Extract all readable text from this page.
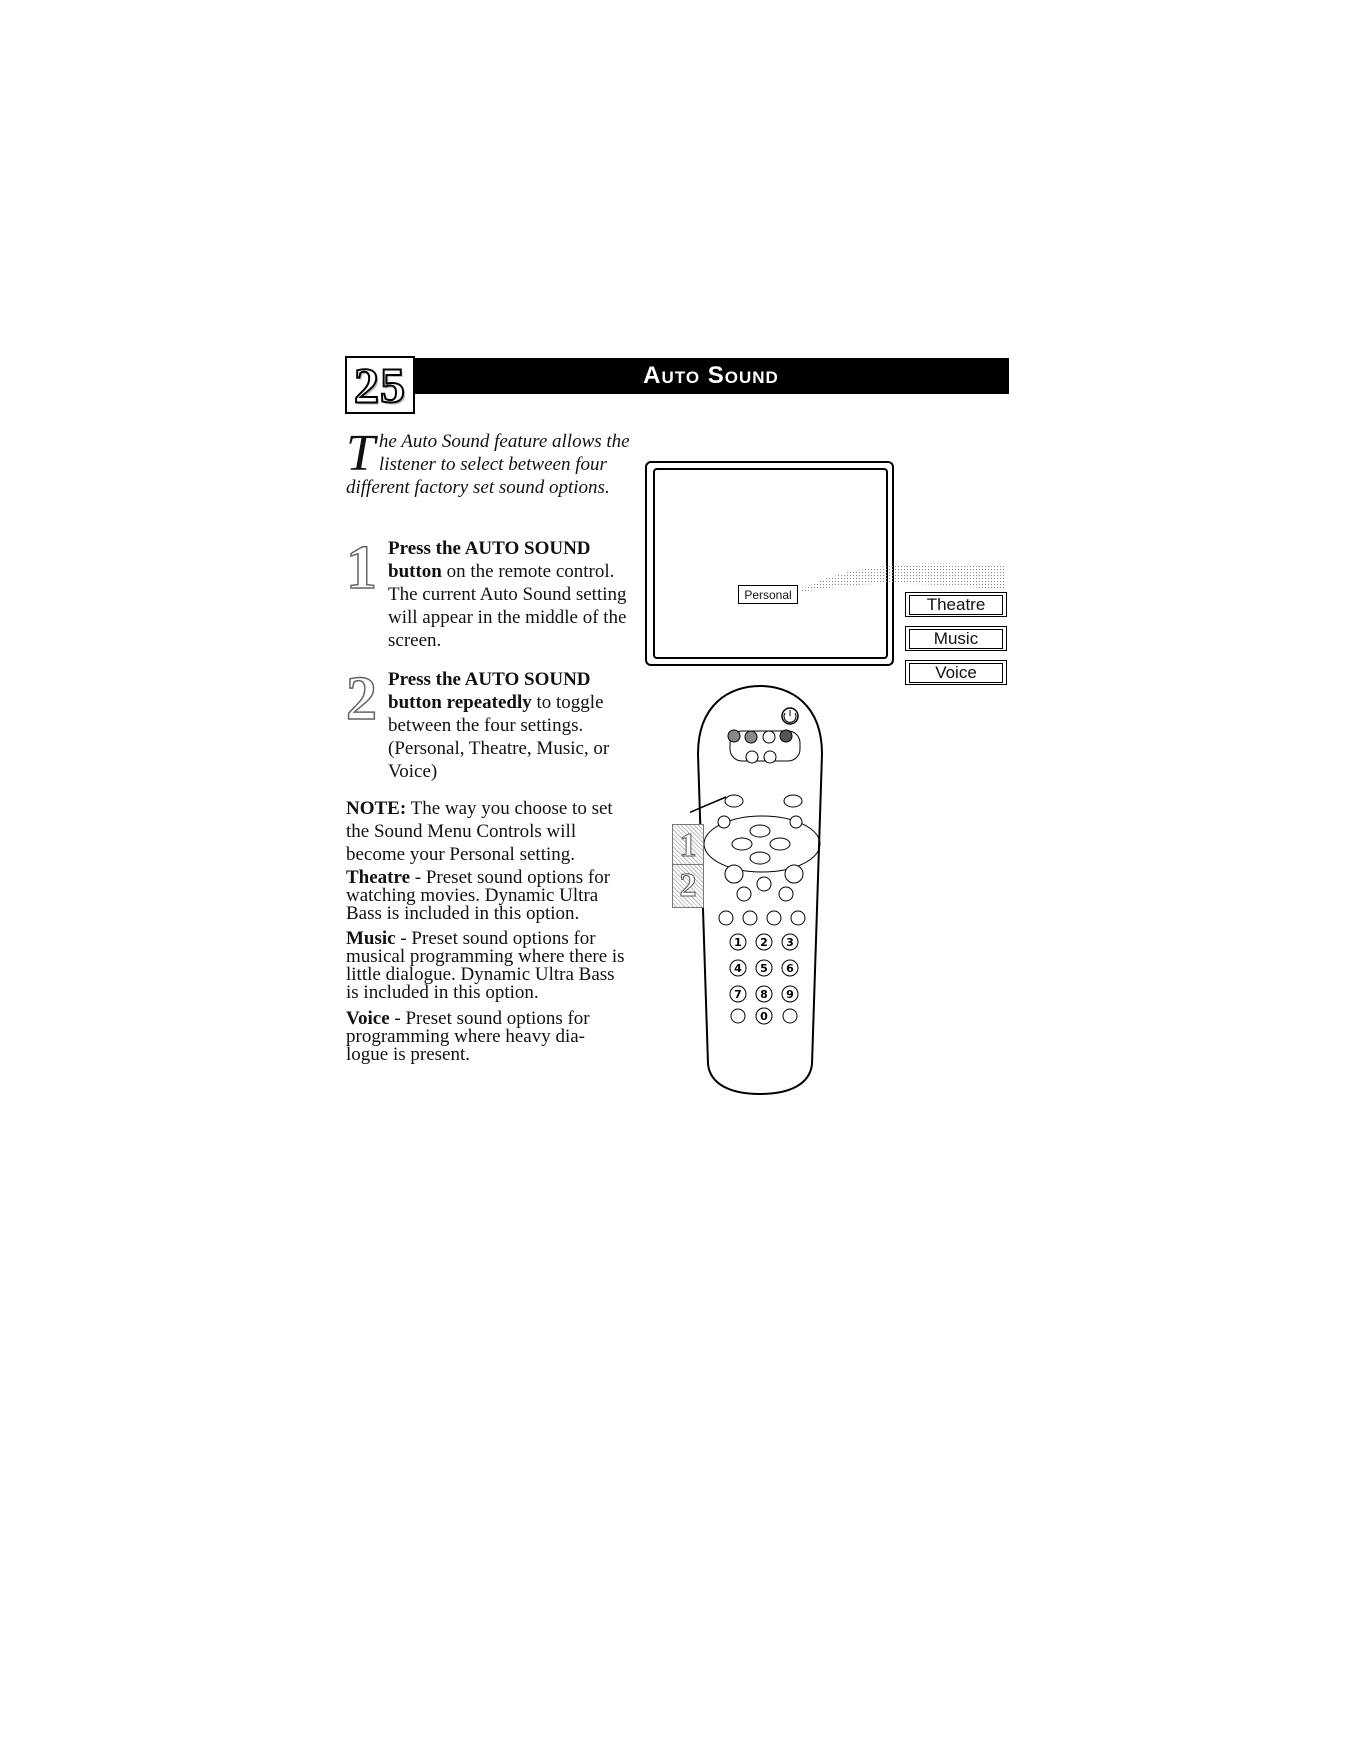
25	Auto Sound
The Auto Sound feature allows the listener to select between four different factory set sound options.
1 Press the AUTO SOUND button on the remote control. The current Auto Sound setting will appear in the middle of the screen.
2 Press the AUTO SOUND button repeatedly to toggle between the four settings. (Personal, Theatre, Music, or Voice)
NOTE: The way you choose to set the Sound Menu Controls will become your Personal setting.
Theatre - Preset sound options for watching movies. Dynamic Ultra Bass is included in this option.
Music - Preset sound options for musical programming where there is little dialogue. Dynamic Ultra Bass is included in this option.
Voice - Preset sound options for programming where heavy dia-logue is present.
Personal	Theatre
Music
Voice
1 2 3
4 5 6
7 8 9
0
1
2
